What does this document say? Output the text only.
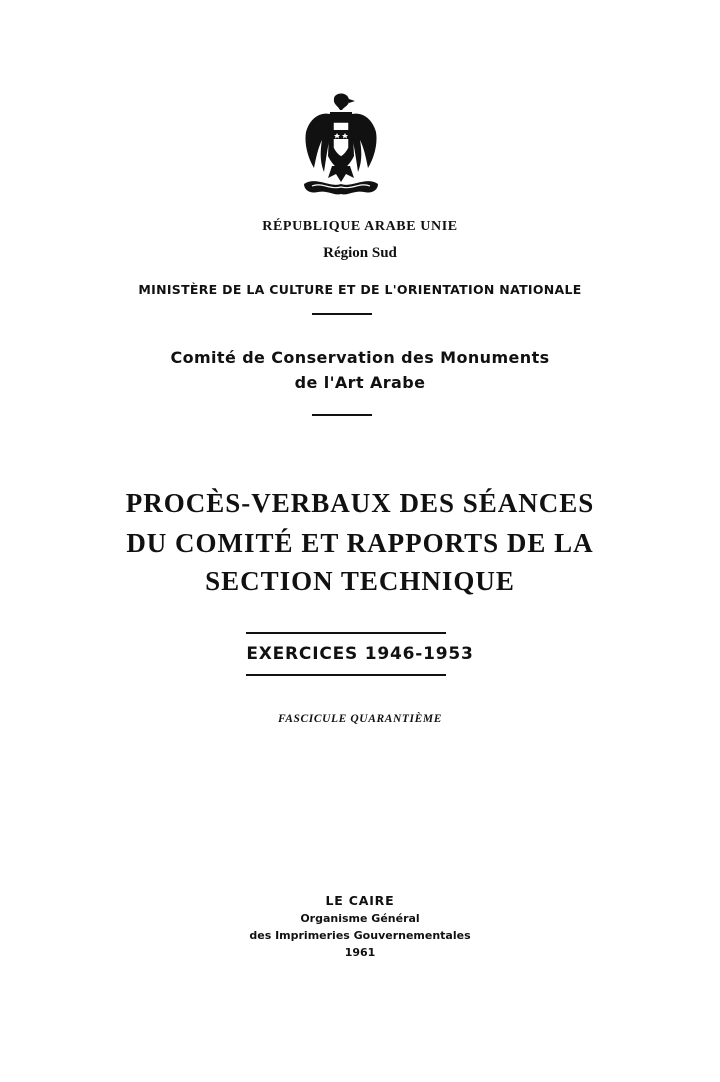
RÉPUBLIQUE ARABE UNIE
Région Sud
MINISTÈRE DE LA CULTURE ET DE L'ORIENTATION NATIONALE
Comité de Conservation des Monuments
de l'Art Arabe
PROCÈS-VERBAUX DES SÉANCES
DU COMITÉ ET RAPPORTS DE LA
SECTION TECHNIQUE
EXERCICES 1946-1953
FASCICULE QUARANTIÈME
LE CAIRE
Organisme Général
des Imprimeries Gouvernementales
1961
